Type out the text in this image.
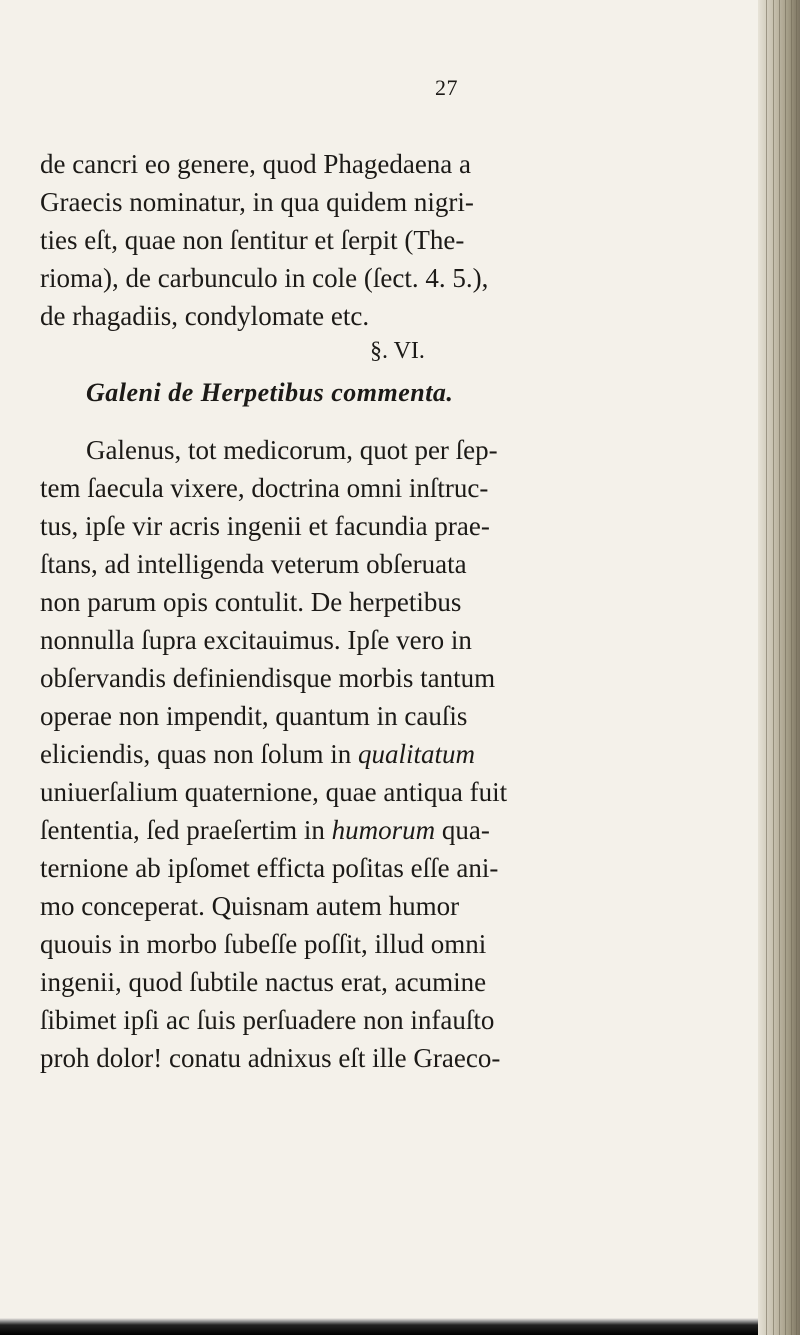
27
de cancri eo genere, quod Phagedaena a
Graecis nominatur, in qua quidem nigri-
ties eſt, quae non ſentitur et ſerpit (The-
rioma), de carbunculo in cole (ſect. 4. 5.),
de rhagadiis, condylomate etc.
§. VI.
Galeni de Herpetibus commenta.
Galenus, tot medicorum, quot per ſep-
tem ſaecula vixere, doctrina omni inſtruc-
tus, ipſe vir acris ingenii et facundia prae-
ſtans, ad intelligenda veterum obſeruata
non parum opis contulit. De herpetibus
nonnulla ſupra excitauimus. Ipſe vero in
obſervandis definiendisque morbis tantum
operae non impendit, quantum in cauſis
eliciendis, quas non ſolum in qualitatum
uniuerſalium quaternione, quae antiqua fuit
ſententia, ſed praeſertim in humorum qua-
ternione ab ipſomet efficta poſitas eſſe ani-
mo conceperat. Quisnam autem humor
quouis in morbo ſubeſſe poſſit, illud omni
ingenii, quod ſubtile nactus erat, acumine
ſibimet ipſi ac ſuis perſuadere non infauſto
proh dolor! conatu adnixus eſt ille Graeco-
